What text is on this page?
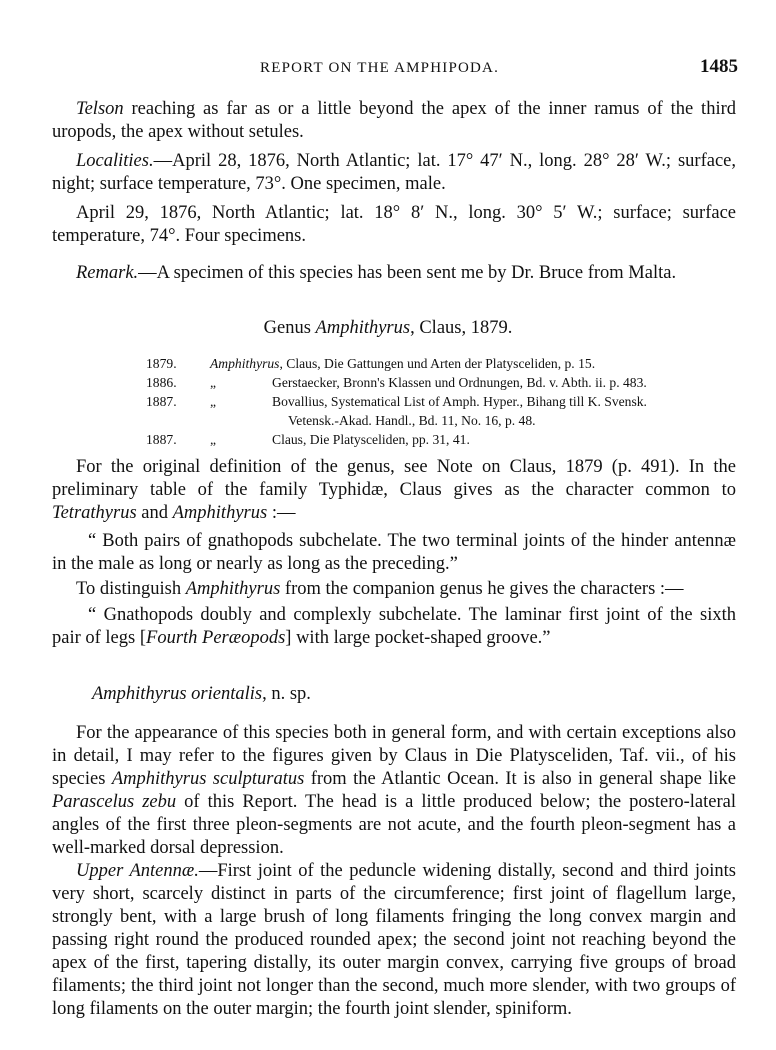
REPORT ON THE AMPHIPODA.	1485

Telson reaching as far as or a little beyond the apex of the inner ramus of the third uropods, the apex without setules.

Localities.—April 28, 1876, North Atlantic; lat. 17° 47′ N., long. 28° 28′ W.; surface, night; surface temperature, 73°. One specimen, male.

April 29, 1876, North Atlantic; lat. 18° 8′ N., long. 30° 5′ W.; surface; surface temperature, 74°. Four specimens.

Remark.—A specimen of this species has been sent me by Dr. Bruce from Malta.

Genus Amphithyrus, Claus, 1879.
1879.	Amphithyrus, Claus, Die Gattungen und Arten der Platysceliden, p. 15.
1886.	„	Gerstaecker, Bronn's Klassen und Ordnungen, Bd. v. Abth. ii. p. 483.
1887.	„	Bovallius, Systematical List of Amph. Hyper., Bihang till K. Svensk.
Vetensk.-Akad. Handl., Bd. 11, No. 16, p. 48.
1887.	„	Claus, Die Platysceliden, pp. 31, 41.

For the original definition of the genus, see Note on Claus, 1879 (p. 491). In the preliminary table of the family Typhidæ, Claus gives as the character common to Tetrathyrus and Amphithyrus :—

“ Both pairs of gnathopods subchelate. The two terminal joints of the hinder antennæ in the male as long or nearly as long as the preceding.”

To distinguish Amphithyrus from the companion genus he gives the characters :—

“ Gnathopods doubly and complexly subchelate. The laminar first joint of the sixth pair of legs [Fourth Peræopods] with large pocket-shaped groove.”

Amphithyrus orientalis, n. sp.

For the appearance of this species both in general form, and with certain exceptions also in detail, I may refer to the figures given by Claus in Die Platysceliden, Taf. vii., of his species Amphithyrus sculpturatus from the Atlantic Ocean. It is also in general shape like Parascelus zebu of this Report. The head is a little produced below; the postero-lateral angles of the first three pleon-segments are not acute, and the fourth pleon-segment has a well-marked dorsal depression.

Upper Antennæ.—First joint of the peduncle widening distally, second and third joints very short, scarcely distinct in parts of the circumference; first joint of flagellum large, strongly bent, with a large brush of long filaments fringing the long convex margin and passing right round the produced rounded apex; the second joint not reaching beyond the apex of the first, tapering distally, its outer margin convex, carrying five groups of broad filaments; the third joint not longer than the second, much more slender, with two groups of long filaments on the outer margin; the fourth joint slender, spiniform.
